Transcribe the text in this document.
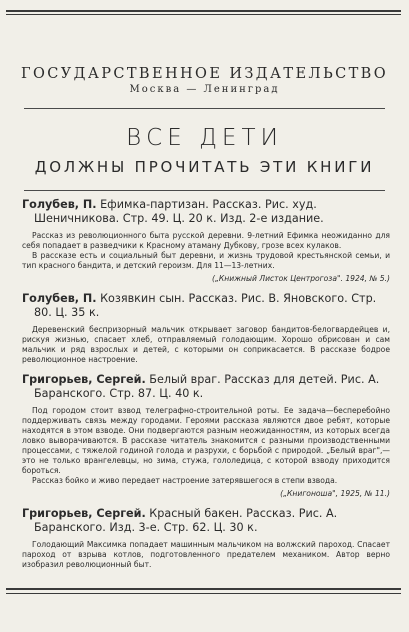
ГОСУДАРСТВЕННОЕ ИЗДАТЕЛЬСТВО
Москва — Ленинград
ВСЕ ДЕТИ
ДОЛЖНЫ ПРОЧИТАТЬ ЭТИ КНИГИ

Голубев, П. Ефимка-партизан. Рассказ. Рис. худ. Шеничникова. Стр. 49. Ц. 20 к. Изд. 2-е издание.

Рассказ из революционного быта русской деревни. 9-летний Ефимка неожиданно для себя попадает в разведчики к Красному атаману Дубкову, грозе всех кулаков.

В рассказе есть и социальный быт деревни, и жизнь трудовой крестьянской семьи, и тип красного бандита, и детский героизм. Для 11—13-летних.

(„Книжный Листок Центрогоза". 1924, № 5.)

Голубев, П. Козявкин сын. Рассказ. Рис. В. Яновского. Стр. 80. Ц. 35 к.

Деревенский беспризорный мальчик открывает заговор бандитов-белогвардейцев и, рискуя жизнью, спасает хлеб, отправляемый голодающим. Хорошо обрисован и сам мальчик и ряд взрослых и детей, с которыми он соприкасается. В рассказе бодрое революционное настроение.

Григорьев, Сергей. Белый враг. Рассказ для детей. Рис. А. Баранского. Стр. 87. Ц. 40 к.

Под городом стоит взвод телеграфно-строительной роты. Ее задача—бесперебойно поддерживать связь между городами. Героями рассказа являются двое ребят, которые находятся в этом взводе. Они подвергаются разным неожиданностям, из которых всегда ловко выворачиваются. В рассказе читатель знакомится с разными производственными процессами, с тяжелой годиной голода и разрухи, с борьбой с природой. „Белый враг",— это не только врангелевцы, но зима, стужа, гололедица, с которой взводу приходится бороться.

Рассказ бойко и живо передает настроение затерявшегося в степи взвода.

(„Книгоноша", 1925, № 11.)

Григорьев, Сергей. Красный бакен. Рассказ. Рис. А. Баранского. Изд. 3-е. Стр. 62. Ц. 30 к.

Голодающий Максимка попадает машинным мальчиком на волжский пароход. Спасает пароход от взрыва котлов, подготовленного предателем механиком. Автор верно изобразил революционный быт.
